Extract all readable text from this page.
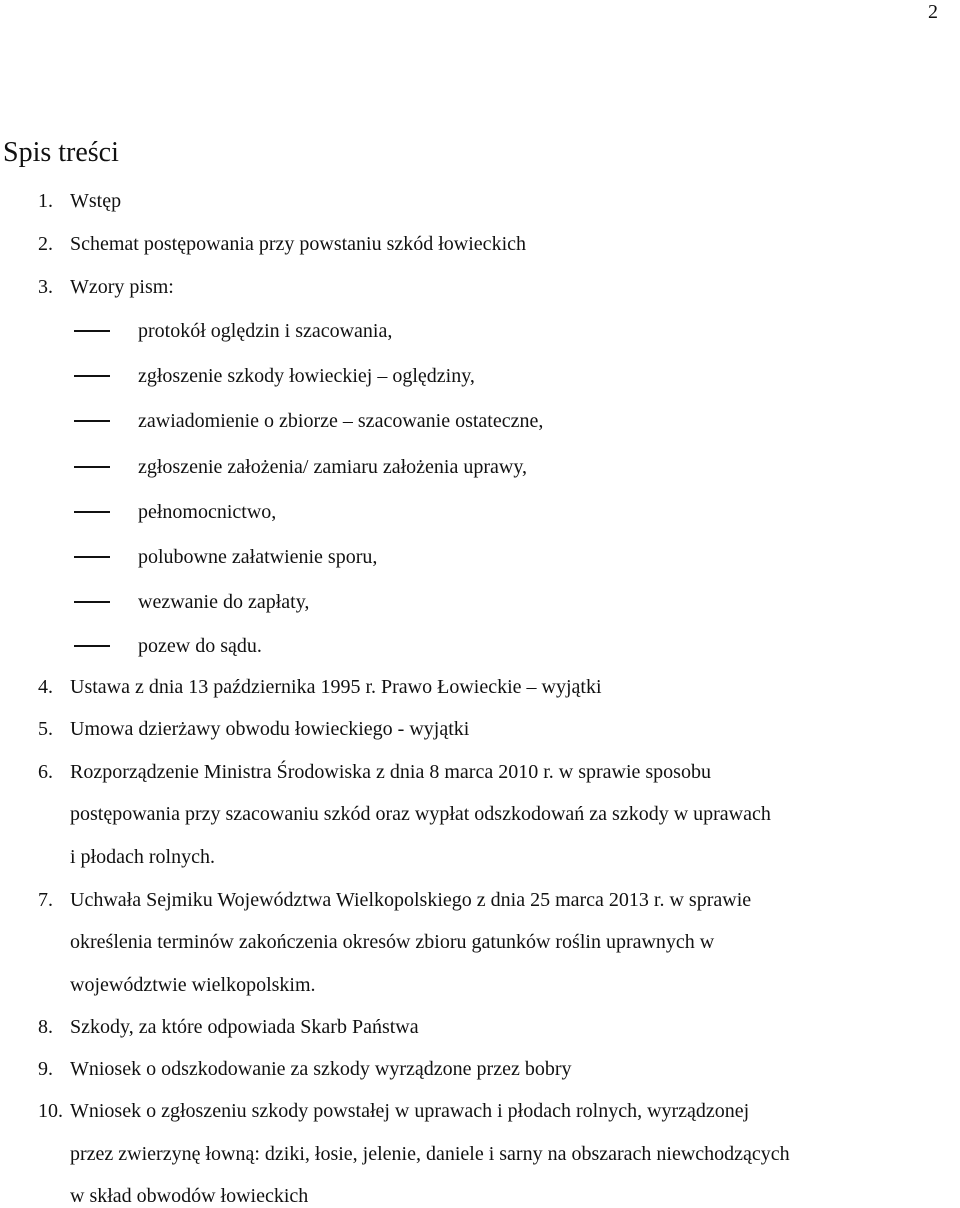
2
Spis treści
1. Wstęp
2. Schemat postępowania przy powstaniu szkód łowieckich
3. Wzory pism:
protokół oględzin i szacowania,
zgłoszenie szkody łowieckiej – oględziny,
zawiadomienie o zbiorze – szacowanie ostateczne,
zgłoszenie założenia/ zamiaru założenia uprawy,
pełnomocnictwo,
polubowne załatwienie sporu,
wezwanie do zapłaty,
pozew do sądu.
4. Ustawa z dnia 13 października 1995 r. Prawo Łowieckie – wyjątki
5. Umowa dzierżawy obwodu łowieckiego - wyjątki
6. Rozporządzenie Ministra Środowiska z dnia 8 marca 2010 r. w sprawie sposobu
postępowania przy szacowaniu szkód oraz wypłat odszkodowań za szkody w uprawach
i płodach rolnych.
7. Uchwała Sejmiku Województwa Wielkopolskiego z dnia 25 marca 2013 r. w sprawie
określenia terminów zakończenia okresów zbioru gatunków roślin uprawnych w
województwie wielkopolskim.
8. Szkody, za które odpowiada Skarb Państwa
9. Wniosek o odszkodowanie za szkody wyrządzone przez bobry
10. Wniosek o zgłoszeniu szkody powstałej w uprawach i płodach rolnych, wyrządzonej
przez zwierzynę łowną: dziki, łosie, jelenie, daniele i sarny na obszarach niewchodzących
w skład obwodów łowieckich
